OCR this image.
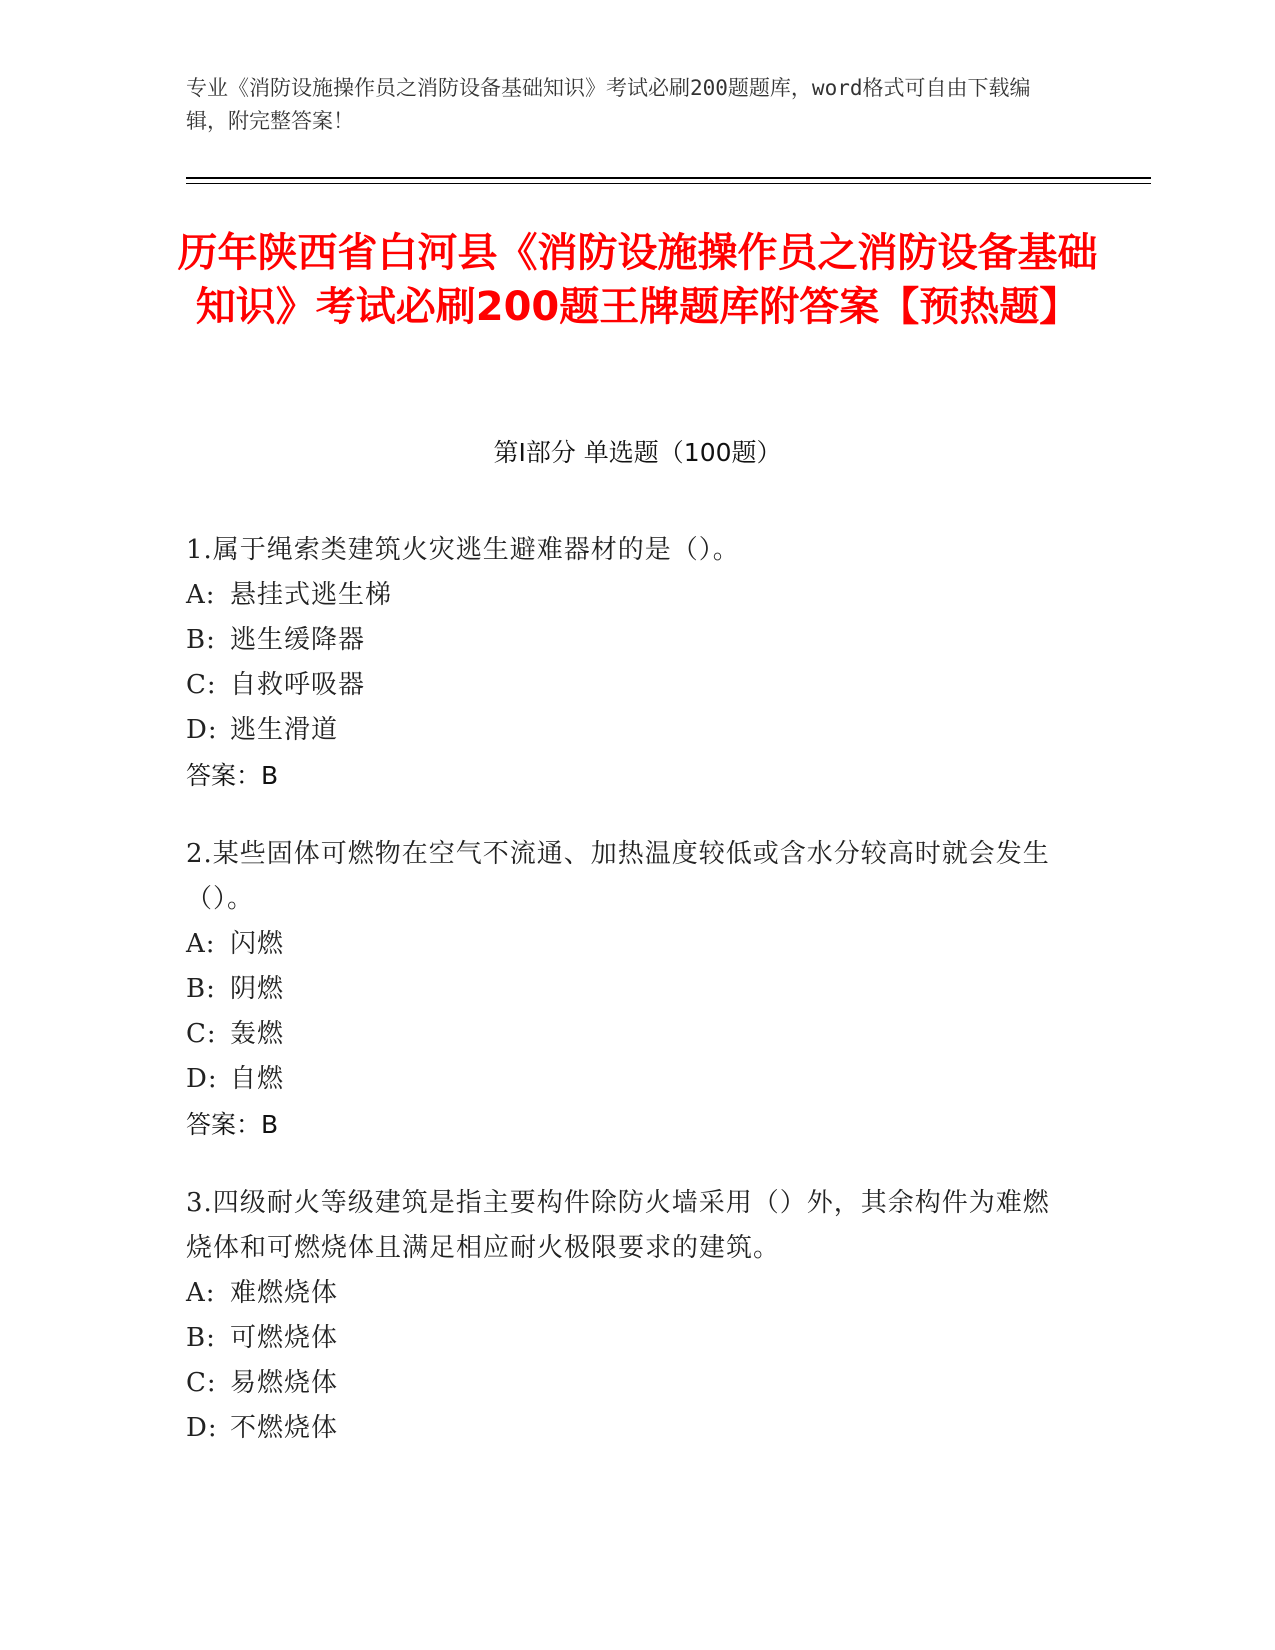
专业《消防设施操作员之消防设备基础知识》考试必刷200题题库，word格式可自由下载编辑，附完整答案！
历年陕西省白河县《消防设施操作员之消防设备基础知识》考试必刷200题王牌题库附答案【预热题】
第I部分 单选题（100题）
1.属于绳索类建筑火灾逃生避难器材的是（）。
A: 悬挂式逃生梯
B: 逃生缓降器
C: 自救呼吸器
D: 逃生滑道
答案：B
2.某些固体可燃物在空气不流通、加热温度较低或含水分较高时就会发生（）。
A: 闪燃
B: 阴燃
C: 轰燃
D: 自燃
答案：B
3.四级耐火等级建筑是指主要构件除防火墙采用（）外，其余构件为难燃烧体和可燃烧体且满足相应耐火极限要求的建筑。
A: 难燃烧体
B: 可燃烧体
C: 易燃烧体
D: 不燃烧体
